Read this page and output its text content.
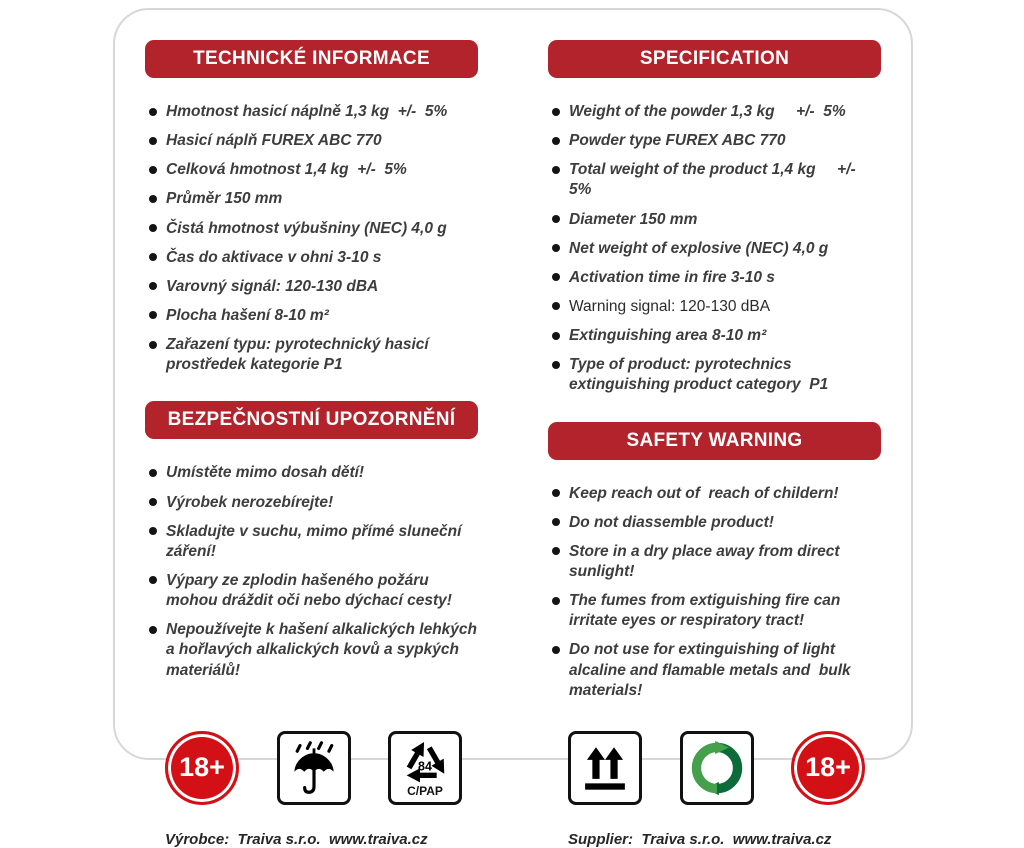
TECHNICKÉ INFORMACE
Hmotnost hasicí náplně 1,3 kg  +/-  5%
Hasicí náplň FUREX ABC 770
Celková hmotnost 1,4 kg  +/-  5%
Průměr 150 mm
Čistá hmotnost výbušniny (NEC) 4,0 g
Čas do aktivace v ohni 3-10 s
Varovný signál: 120-130 dBA
Plocha hašení 8-10 m²
Zařazení typu: pyrotechnický hasicí prostředek kategorie P1
BEZPEČNOSTNÍ UPOZORNĚNÍ
Umístěte mimo dosah dětí!
Výrobek nerozebírejte!
Skladujte v suchu, mimo přímé sluneční záření!
Výpary ze zplodin hašeného požáru  mohou dráždit oči nebo dýchací cesty!
Nepoužívejte k hašení alkalických lehkých a hořlavých alkalických kovů a sypkých materiálů!
SPECIFICATION
Weight of the powder 1,3 kg     +/-  5%
Powder type FUREX ABC 770
Total weight of the product 1,4 kg     +/-  5%
Diameter 150 mm
Net weight of explosive (NEC) 4,0 g
Activation time in fire 3-10 s
Warning signal: 120-130 dBA
Extinguishing area 8-10 m²
Type of product: pyrotechnics extinguishing product category  P1
SAFETY WARNING
Keep reach out of  reach of childern!
Do not diassemble product!
Store in a dry place away from direct sunlight!
The fumes from extiguishing fire can irritate eyes or respiratory tract!
Do not use for extinguishing of light alcaline and flamable metals and  bulk materials!
18+	84
C/PAP
18+
Výrobce:  Traiva s.r.o.  www.traiva.cz	Supplier:  Traiva s.r.o.  www.traiva.cz
